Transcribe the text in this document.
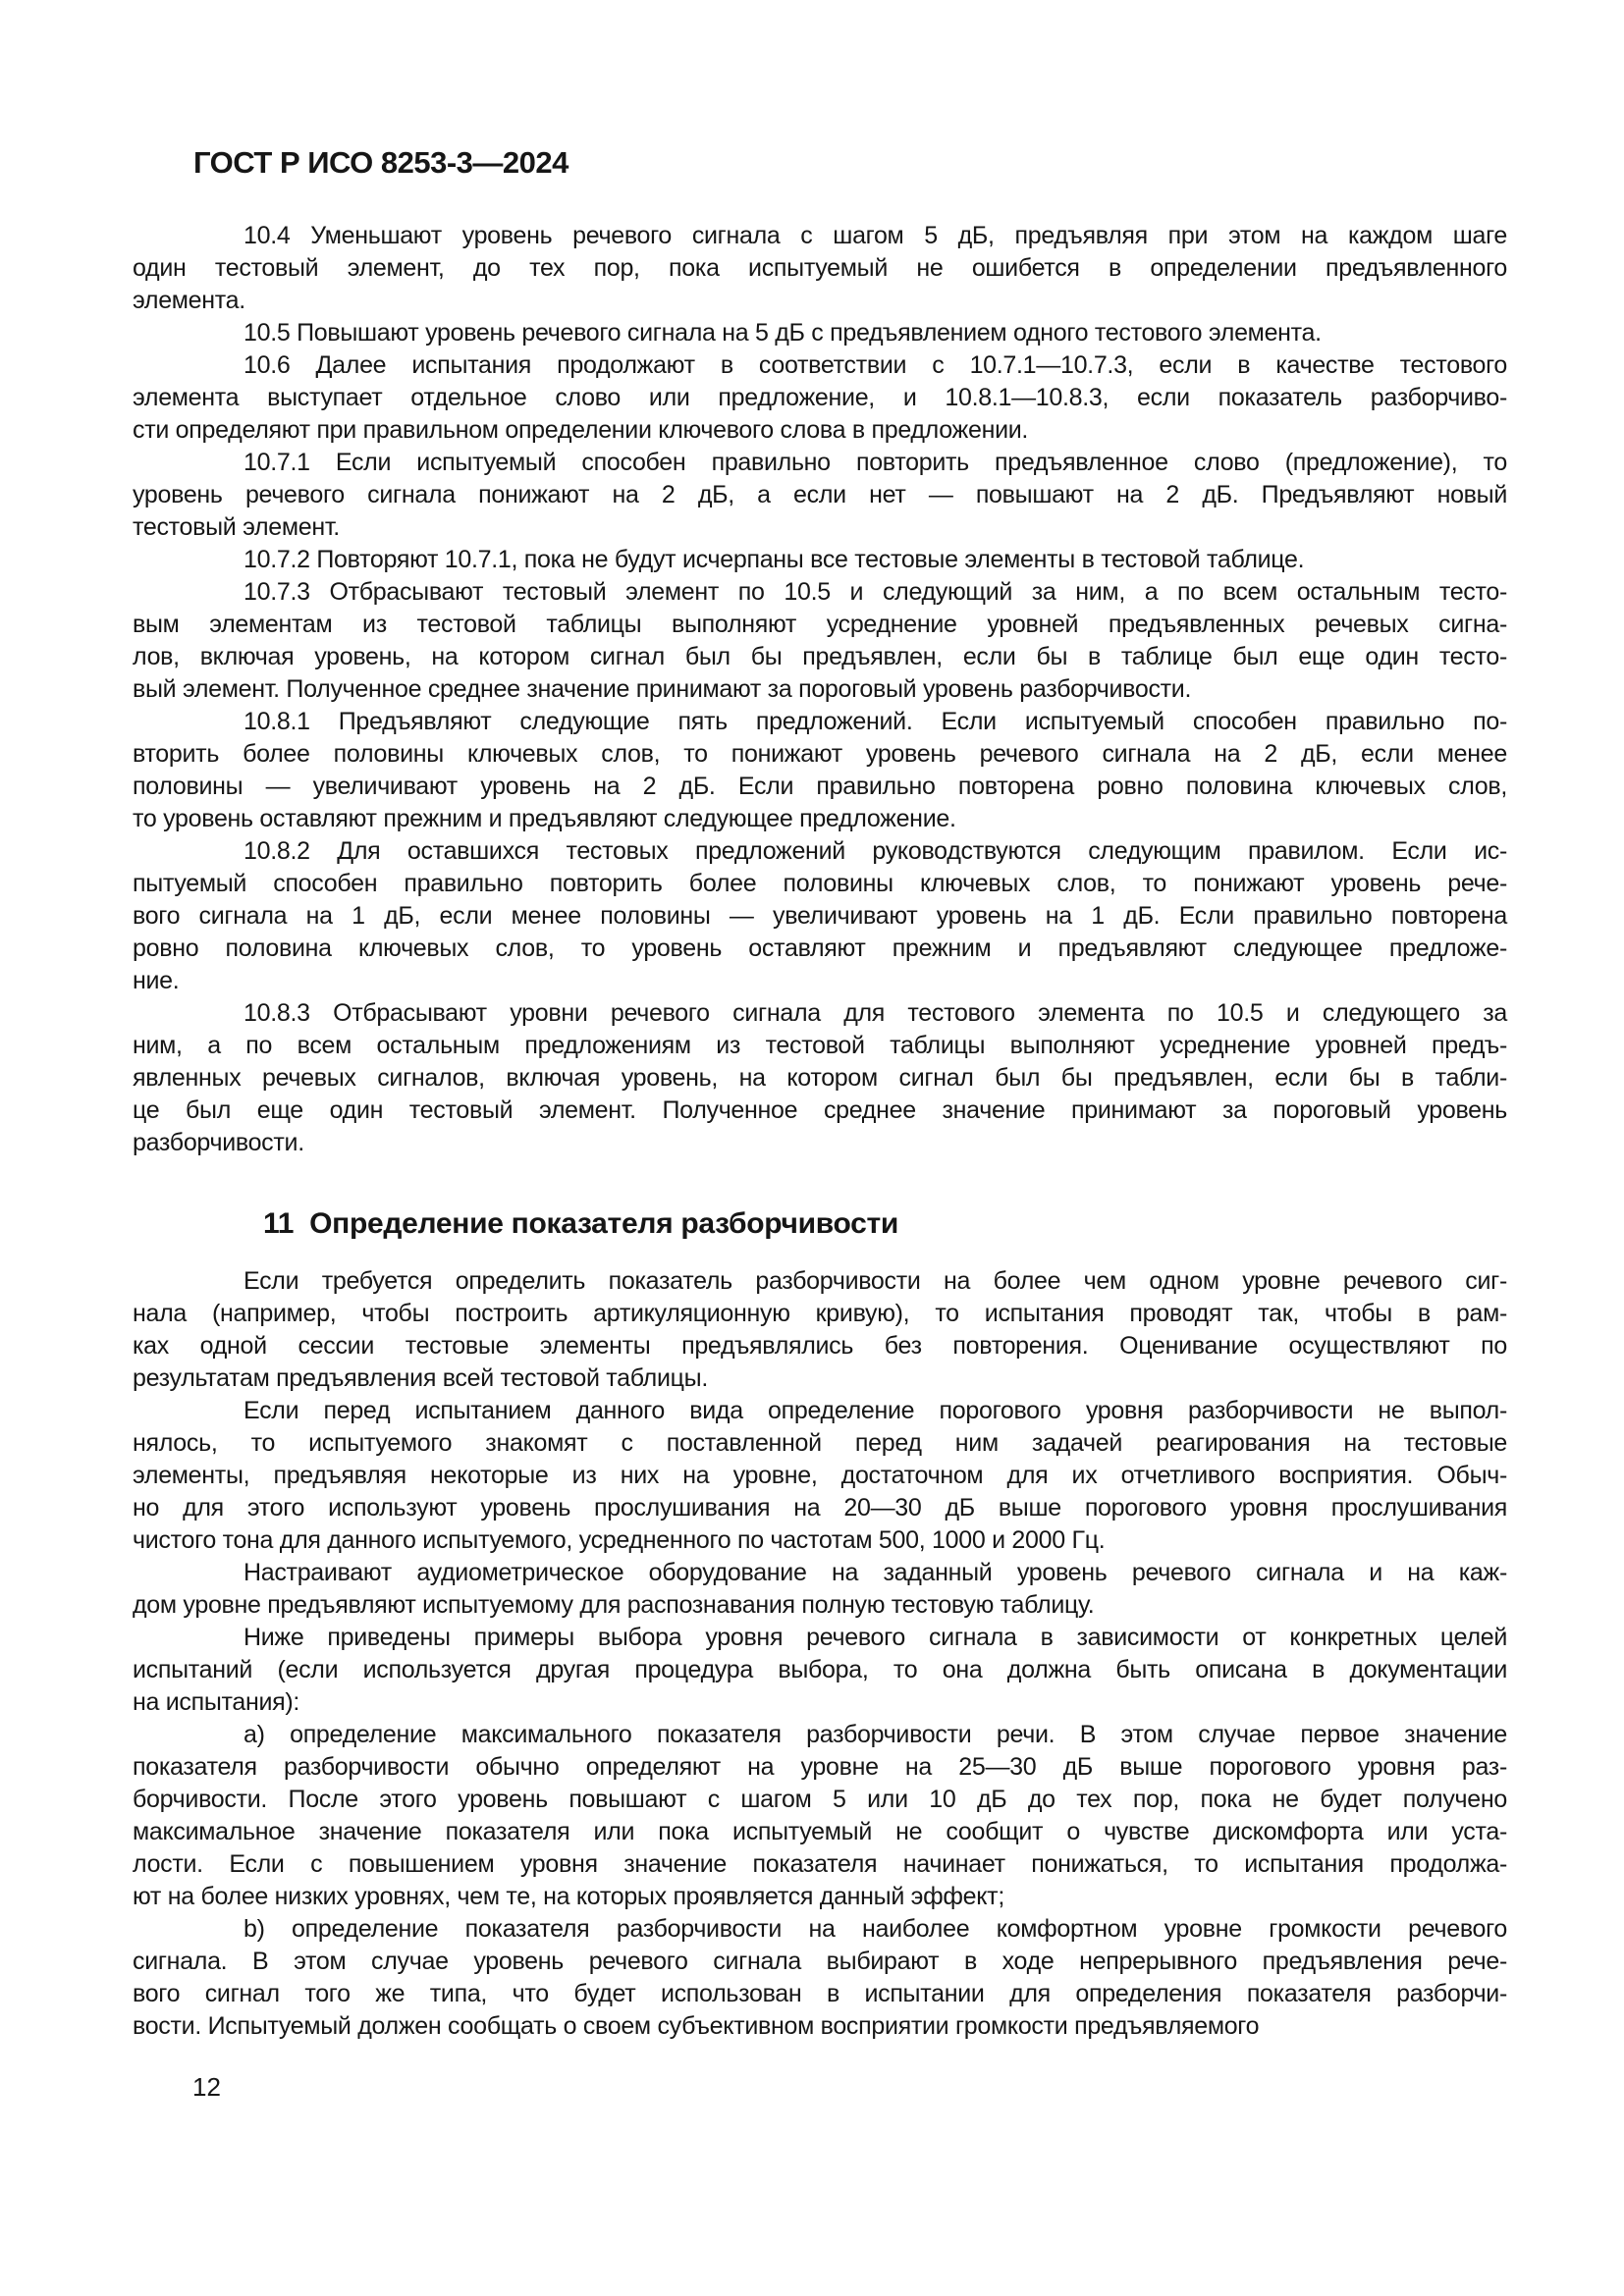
ГОСТ Р ИСО 8253-3—2024
10.4 Уменьшают уровень речевого сигнала с шагом 5 дБ, предъявляя при этом на каждом шаге
один тестовый элемент, до тех пор, пока испытуемый не ошибется в определении предъявленного
элемента.
10.5 Повышают уровень речевого сигнала на 5 дБ с предъявлением одного тестового элемента.
10.6 Далее испытания продолжают в соответствии с 10.7.1—10.7.3, если в качестве тестового
элемента выступает отдельное слово или предложение, и 10.8.1—10.8.3, если показатель разборчиво-
сти определяют при правильном определении ключевого слова в предложении.
10.7.1 Если испытуемый способен правильно повторить предъявленное слово (предложение), то
уровень речевого сигнала понижают на 2 дБ, а если нет — повышают на 2 дБ. Предъявляют новый
тестовый элемент.
10.7.2 Повторяют 10.7.1, пока не будут исчерпаны все тестовые элементы в тестовой таблице.
10.7.3 Отбрасывают тестовый элемент по 10.5 и следующий за ним, а по всем остальным тесто-
вым элементам из тестовой таблицы выполняют усреднение уровней предъявленных речевых сигна-
лов, включая уровень, на котором сигнал был бы предъявлен, если бы в таблице был еще один тесто-
вый элемент. Полученное среднее значение принимают за пороговый уровень разборчивости.
10.8.1 Предъявляют следующие пять предложений. Если испытуемый способен правильно по-
вторить более половины ключевых слов, то понижают уровень речевого сигнала на 2 дБ, если менее
половины — увеличивают уровень на 2 дБ. Если правильно повторена ровно половина ключевых слов,
то уровень оставляют прежним и предъявляют следующее предложение.
10.8.2 Для оставшихся тестовых предложений руководствуются следующим правилом. Если ис-
пытуемый способен правильно повторить более половины ключевых слов, то понижают уровень рече-
вого сигнала на 1 дБ, если менее половины — увеличивают уровень на 1 дБ. Если правильно повторена
ровно половина ключевых слов, то уровень оставляют прежним и предъявляют следующее предложе-
ние.
10.8.3 Отбрасывают уровни речевого сигнала для тестового элемента по 10.5 и следующего за
ним, а по всем остальным предложениям из тестовой таблицы выполняют усреднение уровней предъ-
явленных речевых сигналов, включая уровень, на котором сигнал был бы предъявлен, если бы в табли-
це был еще один тестовый элемент. Полученное среднее значение принимают за пороговый уровень
разборчивости.
11 Определение показателя разборчивости
Если требуется определить показатель разборчивости на более чем одном уровне речевого сиг-
нала (например, чтобы построить артикуляционную кривую), то испытания проводят так, чтобы в рам-
ках одной сессии тестовые элементы предъявлялись без повторения. Оценивание осуществляют по
результатам предъявления всей тестовой таблицы.
Если перед испытанием данного вида определение порогового уровня разборчивости не выпол-
нялось, то испытуемого знакомят с поставленной перед ним задачей реагирования на тестовые
элементы, предъявляя некоторые из них на уровне, достаточном для их отчетливого восприятия. Обыч-
но для этого используют уровень прослушивания на 20—30 дБ выше порогового уровня прослушивания
чистого тона для данного испытуемого, усредненного по частотам 500, 1000 и 2000 Гц.
Настраивают аудиометрическое оборудование на заданный уровень речевого сигнала и на каж-
дом уровне предъявляют испытуемому для распознавания полную тестовую таблицу.
Ниже приведены примеры выбора уровня речевого сигнала в зависимости от конкретных целей
испытаний (если используется другая процедура выбора, то она должна быть описана в документации
на испытания):
a) определение максимального показателя разборчивости речи. В этом случае первое значение
показателя разборчивости обычно определяют на уровне на 25—30 дБ выше порогового уровня раз-
борчивости. После этого уровень повышают с шагом 5 или 10 дБ до тех пор, пока не будет получено
максимальное значение показателя или пока испытуемый не сообщит о чувстве дискомфорта или уста-
лости. Если с повышением уровня значение показателя начинает понижаться, то испытания продолжа-
ют на более низких уровнях, чем те, на которых проявляется данный эффект;
b) определение показателя разборчивости на наиболее комфортном уровне громкости речевого
сигнала. В этом случае уровень речевого сигнала выбирают в ходе непрерывного предъявления рече-
вого сигнал того же типа, что будет использован в испытании для определения показателя разборчи-
вости. Испытуемый должен сообщать о своем субъективном восприятии громкости предъявляемого
12
